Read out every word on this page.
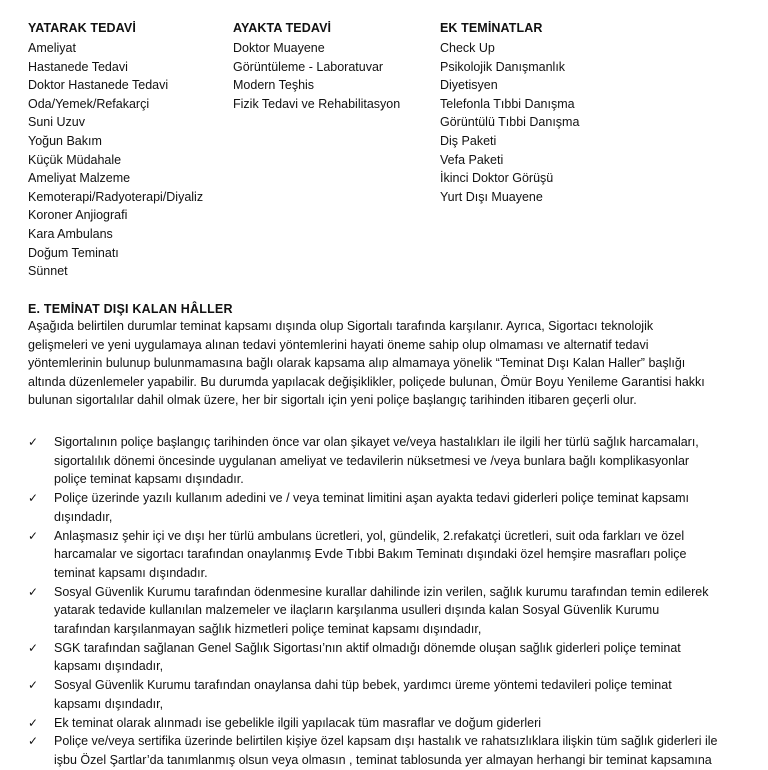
YATARAK TEDAVİ
Ameliyat
Hastanede Tedavi
Doktor Hastanede Tedavi
Oda/Yemek/Refakarçi
Suni Uzuv
Yoğun Bakım
Küçük Müdahale
Ameliyat Malzeme
Kemoterapi/Radyoterapi/Diyaliz
Koroner Anjiografi
Kara Ambulans
Doğum Teminatı
Sünnet
AYAKTA TEDAVİ
Doktor Muayene
Görüntüleme - Laboratuvar
Modern Teşhis
Fizik Tedavi ve Rehabilitasyon
EK TEMİNATLAR
Check Up
Psikolojik Danışmanlık
Diyetisyen
Telefonla Tıbbi Danışma
Görüntülü Tıbbi Danışma
Diş Paketi
Vefa Paketi
İkinci Doktor Görüşü
Yurt Dışı Muayene
E. TEMİNAT DIŞI KALAN HÂLLER

Aşağıda belirtilen durumlar teminat kapsamı dışında olup Sigortalı tarafında karşılanır. Ayrıca, Sigortacı teknolojik
gelişmeleri ve yeni uygulamaya alınan tedavi yöntemlerini hayati öneme sahip olup olmaması ve alternatif tedavi
yöntemlerinin bulunup bulunmamasına bağlı olarak kapsama alıp almamaya yönelik “Teminat Dışı Kalan Haller” başlığı
altında düzenlemeler yapabilir. Bu durumda yapılacak değişiklikler, poliçede bulunan, Ömür Boyu Yenileme Garantisi hakkı
bulunan sigortalılar dahil olmak üzere, her bir sigortalı için yeni poliçe başlangıç tarihinden itibaren geçerli olur.

✓	Sigortalının poliçe başlangıç tarihinden önce var olan şikayet ve/veya hastalıkları ile ilgili her türlü sağlık harcamaları,
sigortalılık dönemi öncesinde uygulanan ameliyat ve tedavilerin nüksetmesi ve /veya bunlara bağlı komplikasyonlar
poliçe teminat kapsamı dışındadır.
✓	Poliçe üzerinde yazılı kullanım adedini ve / veya teminat limitini aşan ayakta tedavi giderleri poliçe teminat kapsamı
dışındadır,
✓	Anlaşmasız şehir içi ve dışı her türlü ambulans ücretleri, yol, gündelik, 2.refakatçi ücretleri, suit oda farkları ve özel
harcamalar ve sigortacı tarafından onaylanmış Evde Tıbbi Bakım Teminatı dışındaki özel hemşire masrafları poliçe
teminat kapsamı dışındadır.
✓	Sosyal Güvenlik Kurumu tarafından ödenmesine kurallar dahilinde izin verilen, sağlık kurumu tarafından temin edilerek
yatarak tedavide kullanılan malzemeler ve ilaçların karşılanma usulleri dışında kalan Sosyal Güvenlik Kurumu
tarafından karşılanmayan sağlık hizmetleri poliçe teminat kapsamı dışındadır,
✓	SGK tarafından sağlanan Genel Sağlık Sigortası’nın aktif olmadığı dönemde oluşan sağlık giderleri poliçe teminat
kapsamı dışındadır,
✓	Sosyal Güvenlik Kurumu tarafından onaylansa dahi tüp bebek, yardımcı üreme yöntemi tedavileri poliçe teminat
kapsamı dışındadır,
✓	Ek teminat olarak alınmadı ise gebelikle ilgili yapılacak tüm masraflar ve doğum giderleri
✓	Poliçe ve/veya sertifika üzerinde belirtilen kişiye özel kapsam dışı hastalık ve rahatsızlıklara ilişkin tüm sağlık giderleri ile
işbu Özel Şartlar’da tanımlanmış olsun veya olmasın , teminat tablosunda yer almayan herhangi bir teminat kapsamına
